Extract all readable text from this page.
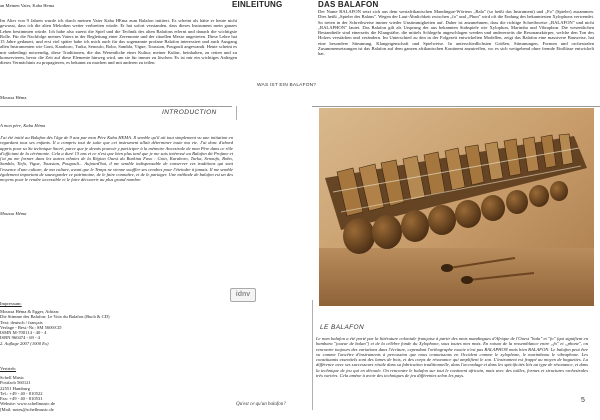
an Meinen Vater, Kaba Hema
Im Alter von 9 Jahren wurde ich durch meinen Vater Kaba HEma zum Balafon initiiert. Es scheint als hätte er heute nicht gewusst, dass ich die alten Melodien weiter verbreiten würde. Er hat sofort verstanden, dass dieses Instrument mein ganzes Leben bestimmen würde. Ich habe also zuerst die Spiel und die Technik des alten Balafons erlernt und danach die wichtigste Rolle. Für die Nachfolge meines Vaters in der Begleitung einer Zeremonie und der rituellen Messe angetreten. Diese Lehre hat 15 Jahre gedauert, und erst viel später habe ich mich auch für das sogenannte profane Balafon interessiert und auch Ausgang allen Instrumenten wie Goni, Karaboro, Turka, Senoufo, Bobo, Sambla, Vigue, Toussian, Pougouli angewandt. Heute scheint es mir unbedingt notwendig, diese Traditionen, die das Wesentliche einer Kultur, meiner Kultur, beinhalten, zu retten und zu konservieren, bevor die Zeit auf diese Elemente hinweg wird, um sie für immer zu löschen. Es ist mir ein wichtiges Anliegen dieses Vermächtnis zu propagieren, es bekannt zu machen und mit anderen zu teilen.
Moussa Héma
INTRODUCTION
A mon père, Kaba Héma
J'ai été initié au Balafon dès l'âge de 9 ans par mon Père Kaba HEMA. Il semble qu'il ait tout simplement vu une initiation en regardant tous ses enfants. Il a compris tout de suite que cet instrument allait déterminer toute ma vie. J'ai donc d'abord appris pour sa Sa technique Sacré, parce que je devais pouvoir y participer à la mémoire Ancestrale de mon Père dans ce rôle d'officiant de la cérémonie. Cela a duré 15 ans et ce n'est que bien plus tard que je me suis intéressé au Balafon dit Profane et j'ai pu me former dans les autres ethnies de la Région Ouest du Burkina Faso : Goin, Karaboro, Turka, Senoufo, Bobo, Sambla, Tiefo, Vigue, Toussian, Pougouli... Aujourd'hui, il me semble indispensable de conserver ces traditions qui sont l'essence d'une culture, de ma culture, avant que le Temps ne vienne souffler ses cendres pour l'éteindre à jamais. Il me semble également important de sauvegarder ce patrimoine, de le faire connaître, et de le partager. Une méthode de balafon est un des moyens pour le rendre accessible et le faire découvrir au plus grand nombre.
Moussa Héma
idnv
Impressum:

Moussa Héma & Egger, Adrian:

Die Stimme des Balafon: Le Voix du Balafon (Buch & CD)

Text: deutsch / français

Verlage - Best.-Nr.: SM 5600/CD

ISMN M-700114 - 40 - 4

ISBN 960474 - 69 - 4

2. Auflage 2007 (1000 Ex)

Vertrieb:

Schell Music

Postfach 560121

22551 Hamburg

Tel.: +49 - 40 - 810522

Fax: +49 - 40 - 810531

Website: www.schellmusic.de

[Mail: notes@schellmusic.de

EINLEITUNG	DAS BALAFON
WAS IST EIN BALAFON?
Der Name BALAFON setzt sich aus dem westafrikanischen Mandingue-Wörtern „Bala" (so heißt das Instrument) und „Fo" (Spieler) zusammen. Dies heißt „Spieler des Balans". Wegen der Laut-Ähnlichkeit zwischen „fo" und „Phon" wird oft die Endung des bekanntesten Xylophons verwendet. So treten in der Schreibweise immer wieder Unstimmigkeiten auf. Daher ist anzunehmen, dass die richtige Schreibweise „BALAFON" und nicht „BALAPHON" lautet. Das Balafon gilt als Ursprung der aus bekannten Stabspiele wie Xylophon, Marimba und Vibraphon. Die wesentlichen Bestandteile sind einerseits die Klangstäbe, die mittels Schlegeln angeschlagen werden und andererseits die Resonanzkörper, welche den Ton des Holzes verstärken und verändern. Im Unterschied zu den in der Folgezeit entwickelten Modellen, zeigt das Balafon eine massivere Bauweise, hat eine besondere Stimmung, Klangeigenschaft und Spielweise. In unterschiedlichsten Größen, Stimmungen, Formen und orchestralen Zusammensetzungen ist das Balafon auf dem ganzen afrikanischen Kontinent anzutreffen, wo es sich weitgehend ohne fremde Einflüsse entwickelt hat.
LE BALAFON
Qu'est ce qu'un balafon?
Le nom balafon a été porté par la littérature coloniale française à partir des mots mandingues d'Afrique de l'Ouest "bala" et "fo" (qui signifient en bambara "joueur de balan") et de la célèbre fonde du Xylophone, sous toutes mes mots. En raison de la ressemblance entre „fo" et „phone", on rencontre toujours des variations dans l'écriture, cependant l'orthographe exacte n'est pas BALAPHON mais bien BALAFON. Le balafon peut être vu comme l'ancêtre d'instruments à percussion que nous connaissons en Occident comme le xylophone, le marimbaou le vibraphone. Les constituants essentiels sont des lames de bois, et des corps de résonance qui amplifient le son. L'instrument est frappé au moyen de baguettes. La différence avec ses successeurs réside dans sa fabrication traditionnelle, dans l'accordage et dans les spécificités liés au type de résonance, et dans la technique de jeu qui en découle. On rencontre le balafon sur tout le continent africain, mais avec des tailles, formes et structures orchestrales très variées. Cela amène à avoir des techniques de jeu différentes selon les pays.
5
